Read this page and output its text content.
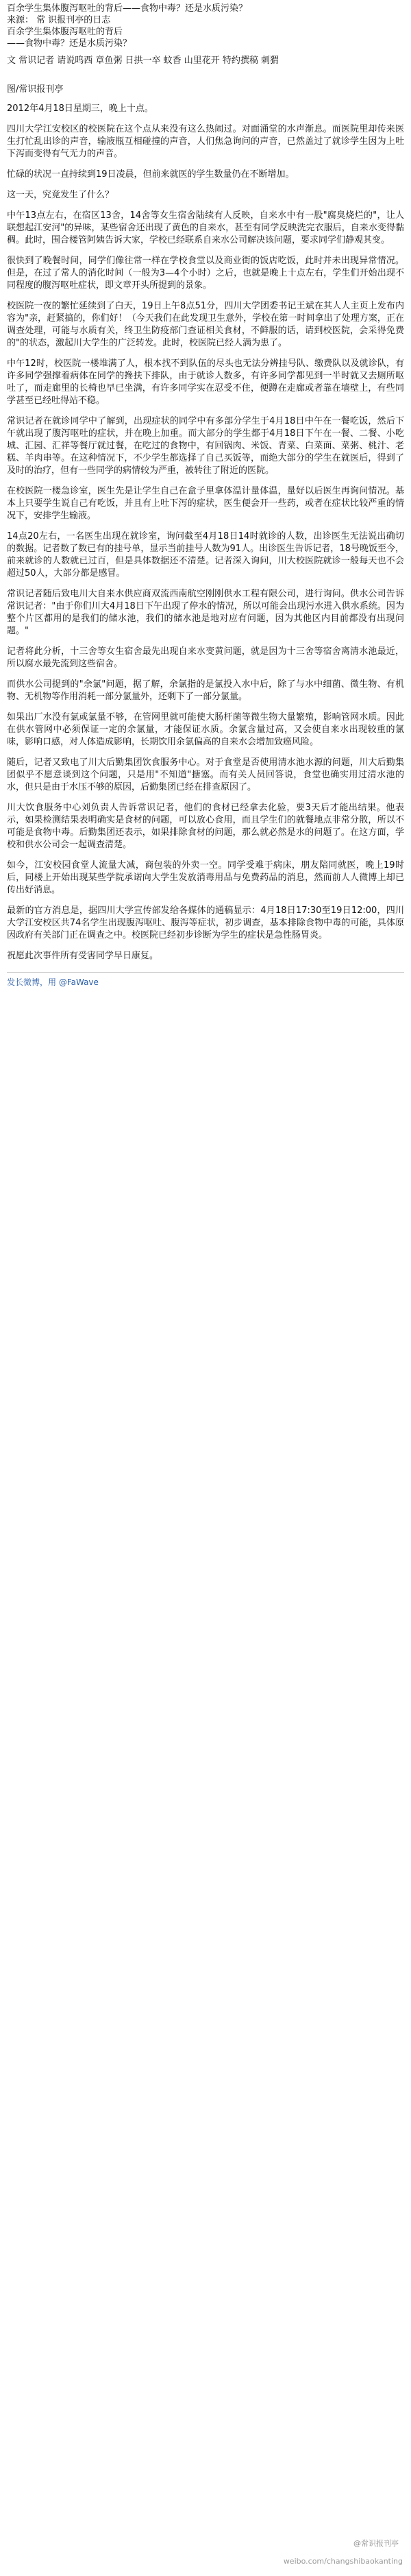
百余学生集体腹泻呕吐的背后——食物中毒？还是水质污染？

来源： 常 识报刊亭的日志

百余学生集体腹泻呕吐的背后

——食物中毒？还是水质污染？

文 常识记者 请说呜西 章鱼粥 日拱一卒 蚊香 山里花开 特约撰稿 刺猬

图/常识报刊亭

2012年4月18日星期三，晚上十点。

四川大学江安校区的校医院在这个点从来没有这么热闹过。对面涌堂的水声渐息。而医院里却传来医生打忙乱出诊的声音，输液瓶互相碰撞的声音，人们焦急询问的声音，已然盖过了就诊学生因为上吐下泻而变得有气无力的声音。

忙碌的状况一直持续到19日凌晨，但前来就医的学生数量仍在不断增加。

这一天，究竟发生了什么？

中午13点左右，在宿区13舍，14舍等女生宿舍陆续有人反映，自来水中有一股"腐臭烧烂的"，让人联想起江安河"的异味，某些宿舍还出现了黄色的自来水，甚至有同学反映洗完衣服后，自来水变得黏稠。此时，围合楼管阿姨告诉大家，学校已经联系自来水公司解决该问题，要求同学们静观其变。

很快到了晚餐时间，同学们像往常一样在学校食堂以及商业街的饭店吃饭，此时并未出现异常情况。但是，在过了常人的消化时间（一般为3—4个小时）之后，也就是晚上十点左右，学生们开始出现不同程度的腹泻呕吐症状，即文章开头所提到的景象。

校医院一夜的繁忙延续到了白天，19日上午8点51分，四川大学团委书记王斌在其人人主页上发布内容为"亲，赶紧搞的，你们好！（今天我们在此发现卫生意外，学校在第一时间拿出了处理方案，正在调查处理，可能与水质有关，终卫生防疫部门查证相关食材，不鲜服的话，请到校医院，会采得免费的"的状态，激起川大学生的广泛转发。此时，校医院已经人满为患了。

中午12时，校医院一楼堆满了人，根本找不到队伍的尽头也无法分辨挂号队、缴费队以及就诊队，有许多同学强撑着病体在同学的搀扶下排队，由于就诊人数多，有许多同学都见到一半时就又去厕所呕吐了，而走廊里的长椅也早已坐满，有许多同学实在忍受不住，便蹲在走廊或者靠在墙壁上，有些同学甚至已经吐得站不稳。

常识记者在就诊同学中了解到，出现症状的同学中有多部分学生于4月18日中午在一餐吃饭，然后下午就出现了腹泻呕吐的症状，并在晚上加重。而大部分的学生都于4月18日下午在一餐、二餐、小吃城、汇园、汇祥等餐厅就过餐，在吃过的食物中，有回锅肉、米饭、青菜、白菜面、菜粥、桃汁、老糕、羊肉串等。在这种情况下，不少学生都选择了自己买饭等，而绝大部分的学生在就医后，得到了及时的治疗，但有一些同学的病情较为严重，被转往了附近的医院。

在校医院一楼急诊室，医生先是让学生自己在盒子里拿体温计量体温，量好以后医生再询问情况。基本上只要学生说自己有吃饭，并且有上吐下泻的症状，医生便会开一些药，或者在症状比较严重的情况下，安排学生输液。

14点20左右，一名医生出现在就诊室，询问截至4月18日14时就诊的人数，出诊医生无法说出确切的数据。记者数了数已有的挂号单，显示当前挂号人数为91人。出诊医生告诉记者，18号晚饭至今，前来就诊的人数就已过百，但是具体数据还不清楚。记者深入询问，川大校医院就诊一般每天也不会超过50人，大部分都是感冒。

常识记者随后致电川大自来水供应商双流西南航空刚刚供水工程有限公司，进行询问。供水公司告诉常识记者："由于你们川大4月18日下午出现了停水的情况，所以可能会出现污水进入供水系统。因为整个片区都用的是我们的储水池，我们的储水池是地对应有问题，因为其他区内目前都没有出现问题。"

记者将此分析，十三舍等女生宿舍最先出现自来水变黄问题，就是因为十三舍等宿舍离清水池最近，所以腐水最先流到这些宿舍。

而供水公司提到的"余氯"问题，据了解，余氯指的是氯投入水中后，除了与水中细菌、微生物、有机物、无机物等作用消耗一部分氯量外，还剩下了一部分氯量。

如果出厂水没有氯或氯量不够，在管网里就可能使大肠杆菌等微生物大量繁殖，影响管网水质。因此在供水管网中必须保证一定的余氯量，才能保证水质。余氯含量过高，又会使自来水出现较重的氯味，影响口感，对人体造成影响，长期饮用余氯偏高的自来水会增加致癌风险。

随后，记者又致电了川大后勤集团饮食服务中心。对于食堂是否使用清水池水源的问题，川大后勤集团似乎不愿意谈到这个问题，只是用"不知道"搪塞。而有关人员回答说，食堂也确实用过清水池的水，但只是由于水压不够的原因，后勤集团已经在排查原因了。

川大饮食服务中心刘负责人告诉常识记者，他们的食材已经拿去化验，要3天后才能出结果。他表示，如果检测结果表明确实是食材的问题，可以放心食用，而且学生们的就餐地点非常分散，所以不可能是食物中毒。后勤集团还表示，如果排除食材的问题，那么就必然是水的问题了。在这方面，学校和供水公司会一起调查清楚。

如今，江安校园食堂人流量大减，商包装的外卖一空。同学受难于病床，朋友陪同就医，晚上19时后，同楼上开始出现某些学院承诺向大学生发放消毒用品与免费药品的消息，然而前人人微博上却已传出好消息。

最新的官方消息是，据四川大学宣传部发给各媒体的通稿显示：4月18日17:30至19日12:00，四川大学江安校区共74名学生出现腹泻呕吐、腹泻等症状，初步调查，基本排除食物中毒的可能，具体原因政府有关部门正在调查之中。校医院已经初步诊断为学生的症状是急性肠胃炎。

祝愿此次事件所有受害同学早日康复。

发长微博，用 @FaWave
@常识报刊亭
weibo.com/changshibaokanting
